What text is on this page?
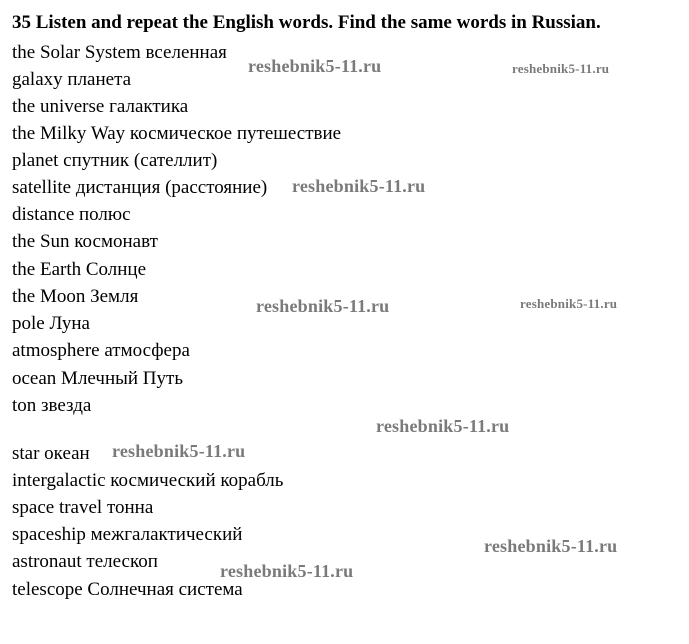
35 Listen and repeat the English words. Find the same words in Russian.
the Solar System вселенная
galaxy планета
the universe галактика
the Milky Way космическое путешествие
planet спутник (сателлит)
satellite дистанция (расстояние)
distance полюс
the Sun космонавт
the Earth Солнце
the Moon Земля
pole Луна
atmosphere атмосфера
ocean Млечный Путь
ton звезда
star океан
intergalactic космический корабль
space travel тонна
spaceship межгалактический
astronaut телескоп
telescope Солнечная система
reshebnik5-11.ru	reshebnik5-11.ru
reshebnik5-11.ru
reshebnik5-11.ru	reshebnik5-11.ru
reshebnik5-11.ru
reshebnik5-11.ru
reshebnik5-11.ru
reshebnik5-11.ru
